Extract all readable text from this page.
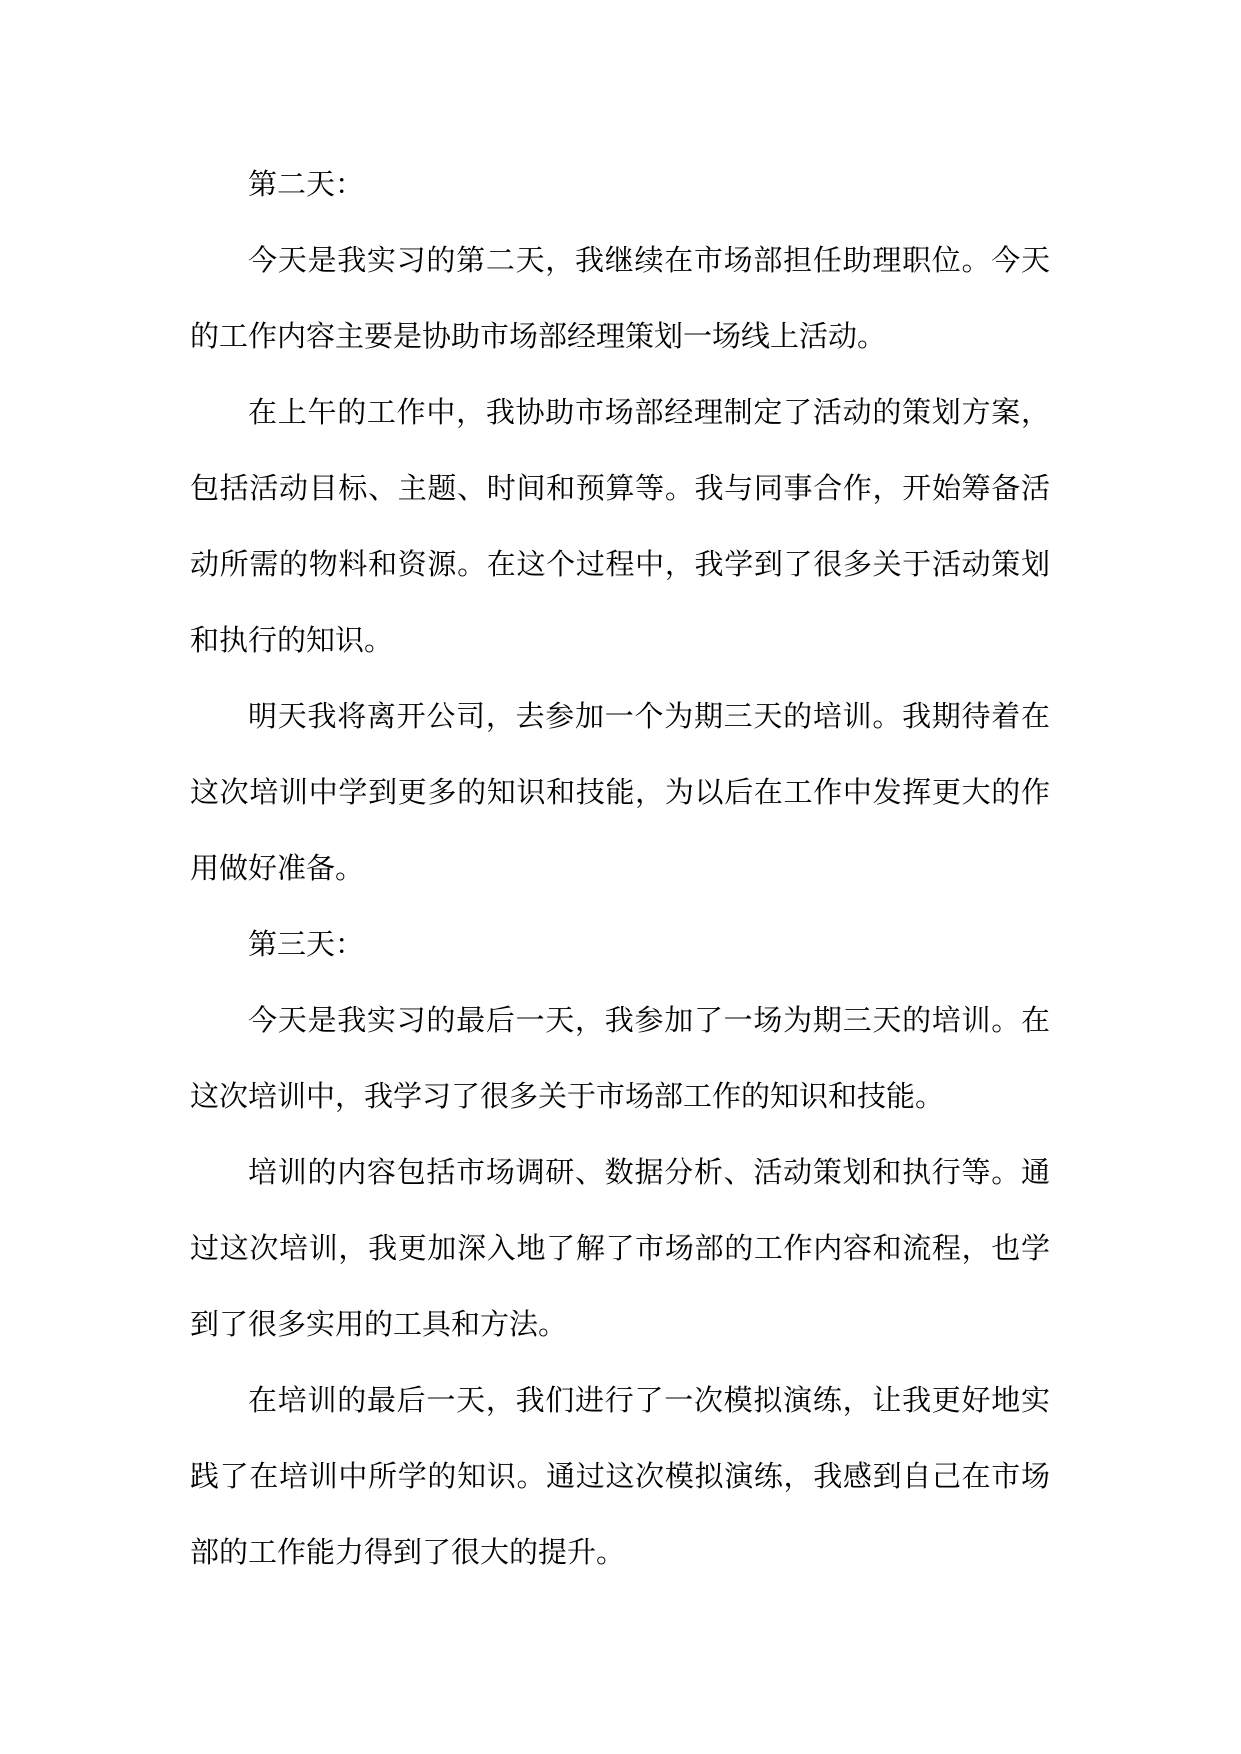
第二天：

今天是我实习的第二天，我继续在市场部担任助理职位。今天的工作内容主要是协助市场部经理策划一场线上活动。

在上午的工作中，我协助市场部经理制定了活动的策划方案，包括活动目标、主题、时间和预算等。我与同事合作，开始筹备活动所需的物料和资源。在这个过程中，我学到了很多关于活动策划和执行的知识。

明天我将离开公司，去参加一个为期三天的培训。我期待着在这次培训中学到更多的知识和技能，为以后在工作中发挥更大的作用做好准备。

第三天：

今天是我实习的最后一天，我参加了一场为期三天的培训。在这次培训中，我学习了很多关于市场部工作的知识和技能。

培训的内容包括市场调研、数据分析、活动策划和执行等。通过这次培训，我更加深入地了解了市场部的工作内容和流程，也学到了很多实用的工具和方法。

在培训的最后一天，我们进行了一次模拟演练，让我更好地实践了在培训中所学的知识。通过这次模拟演练，我感到自己在市场部的工作能力得到了很大的提升。
